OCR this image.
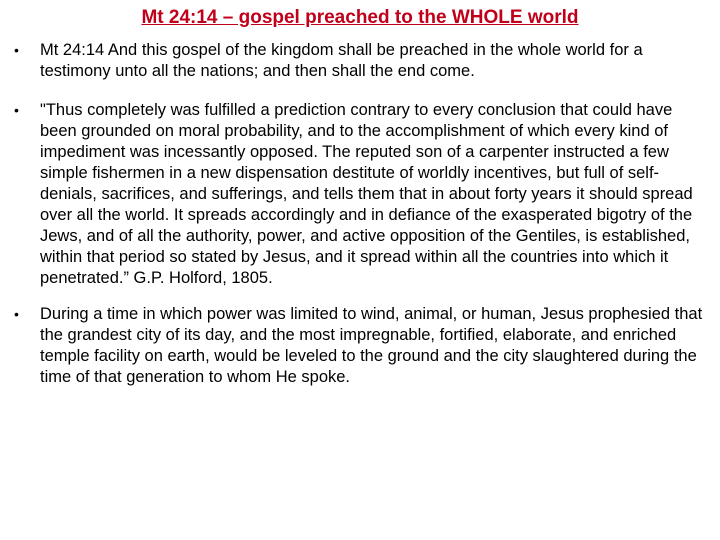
Mt 24:14 – gospel preached to the WHOLE world
• Mt 24:14 And this gospel of the kingdom shall be preached in the whole world for a testimony unto all the nations; and then shall the end come.
• "Thus completely was fulfilled a prediction contrary to every conclusion that could have been grounded on moral probability, and to the accomplishment of which every kind of impediment was incessantly opposed. The reputed son of a carpenter instructed a few simple fishermen in a new dispensation destitute of worldly incentives, but full of self-denials, sacrifices, and sufferings, and tells them that in about forty years it should spread over all the world. It spreads accordingly and in defiance of the exasperated bigotry of the Jews, and of all the authority, power, and active opposition of the Gentiles, is established, within that period so stated by Jesus, and it spread within all the countries into which it penetrated.” G.P. Holford, 1805.
• During a time in which power was limited to wind, animal, or human, Jesus prophesied that the grandest city of its day, and the most impregnable, fortified, elaborate, and enriched temple facility on earth, would be leveled to the ground and the city slaughtered during the time of that generation to whom He spoke.
